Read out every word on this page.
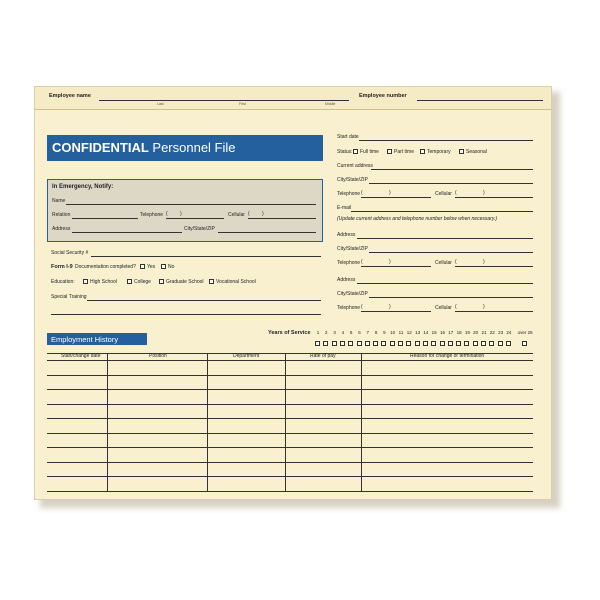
Employee name
Last	First	Middle
Employee number
CONFIDENTIAL Personnel File
In Emergency, Notify:
Name
Relation	Telephone ( )	Cellular ( )
Address	City/State/ZIP
Social Security #
Form I-9 Documentation completed? Yes	No
Education:	High School	College	Graduate School Vocational School
Special Training
Start date
Status: Full time	Part time	Temporary	Seasonal
Current address
City/State/ZIP
Telephone (	)	Cellular (	)
E-mail
(Update current address and telephone number below when necessary.)
Address
City/State/ZIP
Telephone (	)	Cellular (	)
Address
City/State/ZIP
Telephone (	)	Cellular (	)
Employment History
Years of Service	1	2	3	4	5	6	7	8	9	10 11 12 13 14 15 16 17 18 19 20 21 22 23 24	over 25
Start/change date	Position	Department	Rate of pay	Reason for change or termination
